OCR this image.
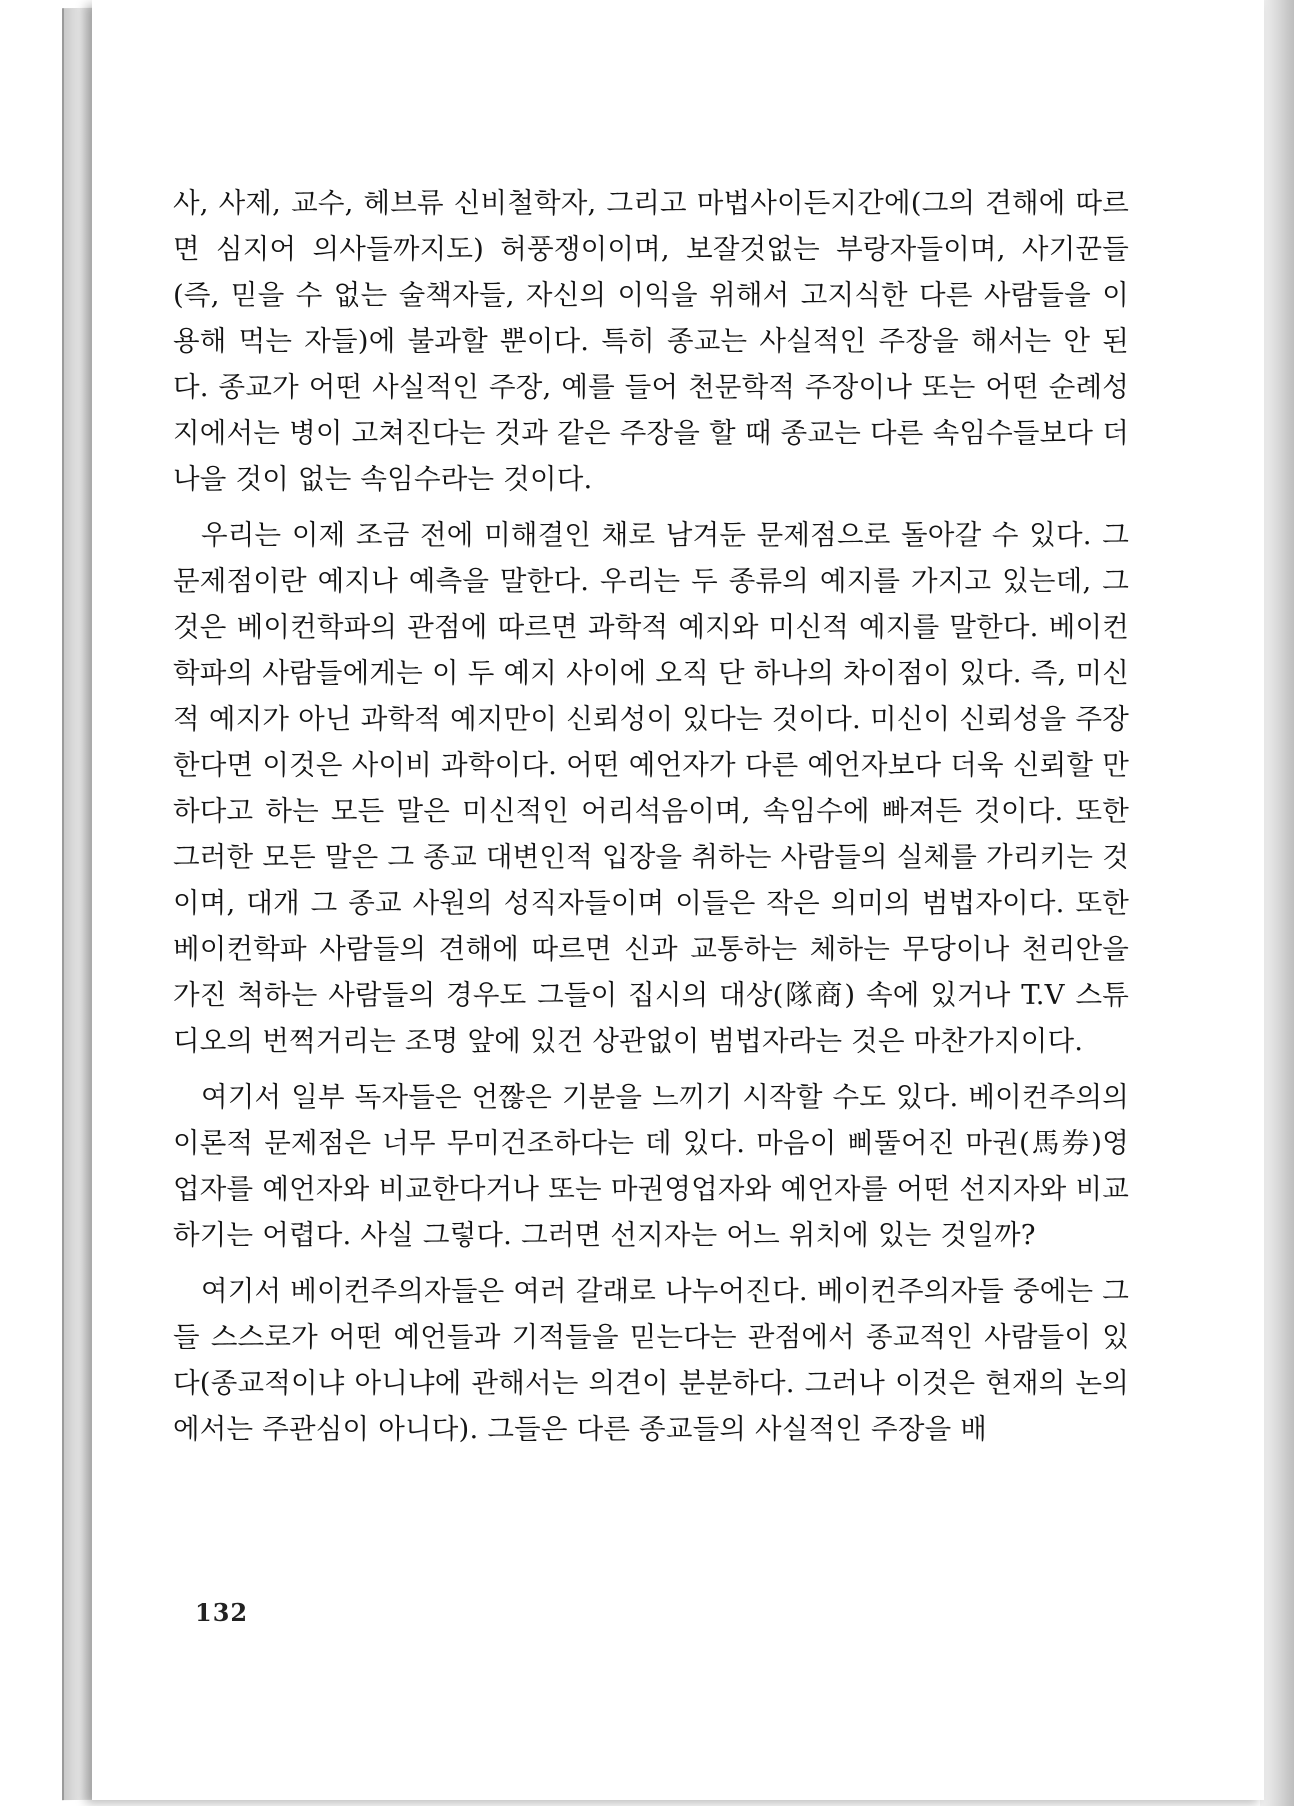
사, 사제, 교수, 헤브류 신비철학자, 그리고 마법사이든지간에(그의 견해에 따르면 심지어 의사들까지도) 허풍쟁이이며, 보잘것없는 부랑자들이며, 사기꾼들(즉, 믿을 수 없는 술책자들, 자신의 이익을 위해서 고지식한 다른 사람들을 이용해 먹는 자들)에 불과할 뿐이다. 특히 종교는 사실적인 주장을 해서는 안 된다. 종교가 어떤 사실적인 주장, 예를 들어 천문학적 주장이나 또는 어떤 순례성지에서는 병이 고쳐진다는 것과 같은 주장을 할 때 종교는 다른 속임수들보다 더 나을 것이 없는 속임수라는 것이다.

우리는 이제 조금 전에 미해결인 채로 남겨둔 문제점으로 돌아갈 수 있다. 그 문제점이란 예지나 예측을 말한다. 우리는 두 종류의 예지를 가지고 있는데, 그것은 베이컨학파의 관점에 따르면 과학적 예지와 미신적 예지를 말한다. 베이컨학파의 사람들에게는 이 두 예지 사이에 오직 단 하나의 차이점이 있다. 즉, 미신적 예지가 아닌 과학적 예지만이 신뢰성이 있다는 것이다. 미신이 신뢰성을 주장한다면 이것은 사이비 과학이다. 어떤 예언자가 다른 예언자보다 더욱 신뢰할 만하다고 하는 모든 말은 미신적인 어리석음이며, 속임수에 빠져든 것이다. 또한 그러한 모든 말은 그 종교 대변인적 입장을 취하는 사람들의 실체를 가리키는 것이며, 대개 그 종교 사원의 성직자들이며 이들은 작은 의미의 범법자이다. 또한 베이컨학파 사람들의 견해에 따르면 신과 교통하는 체하는 무당이나 천리안을 가진 척하는 사람들의 경우도 그들이 집시의 대상(隊商) 속에 있거나 T.V 스튜디오의 번쩍거리는 조명 앞에 있건 상관없이 범법자라는 것은 마찬가지이다.

여기서 일부 독자들은 언짢은 기분을 느끼기 시작할 수도 있다. 베이컨주의의 이론적 문제점은 너무 무미건조하다는 데 있다. 마음이 삐뚤어진 마권(馬券)영업자를 예언자와 비교한다거나 또는 마권영업자와 예언자를 어떤 선지자와 비교하기는 어렵다. 사실 그렇다. 그러면 선지자는 어느 위치에 있는 것일까?

여기서 베이컨주의자들은 여러 갈래로 나누어진다. 베이컨주의자들 중에는 그들 스스로가 어떤 예언들과 기적들을 믿는다는 관점에서 종교적인 사람들이 있다(종교적이냐 아니냐에 관해서는 의견이 분분하다. 그러나 이것은 현재의 논의에서는 주관심이 아니다). 그들은 다른 종교들의 사실적인 주장을 배

132
